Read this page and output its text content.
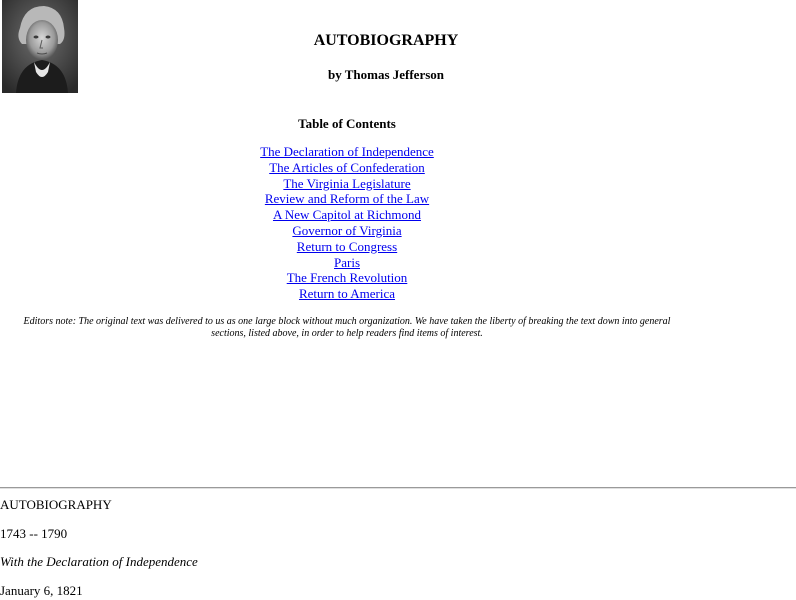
AUTOBIOGRAPHY
by Thomas Jefferson
Table of Contents
The Declaration of Independence
The Articles of Confederation
The Virginia Legislature
Review and Reform of the Law
A New Capitol at Richmond
Governor of Virginia
Return to Congress
Paris
The French Revolution
Return to America
Editors note: The original text was delivered to us as one large block without much organization. We have taken the liberty of breaking the text down into general
sections, listed above, in order to help readers find items of interest.
AUTOBIOGRAPHY
1743 -- 1790
With the Declaration of Independence
January 6, 1821
